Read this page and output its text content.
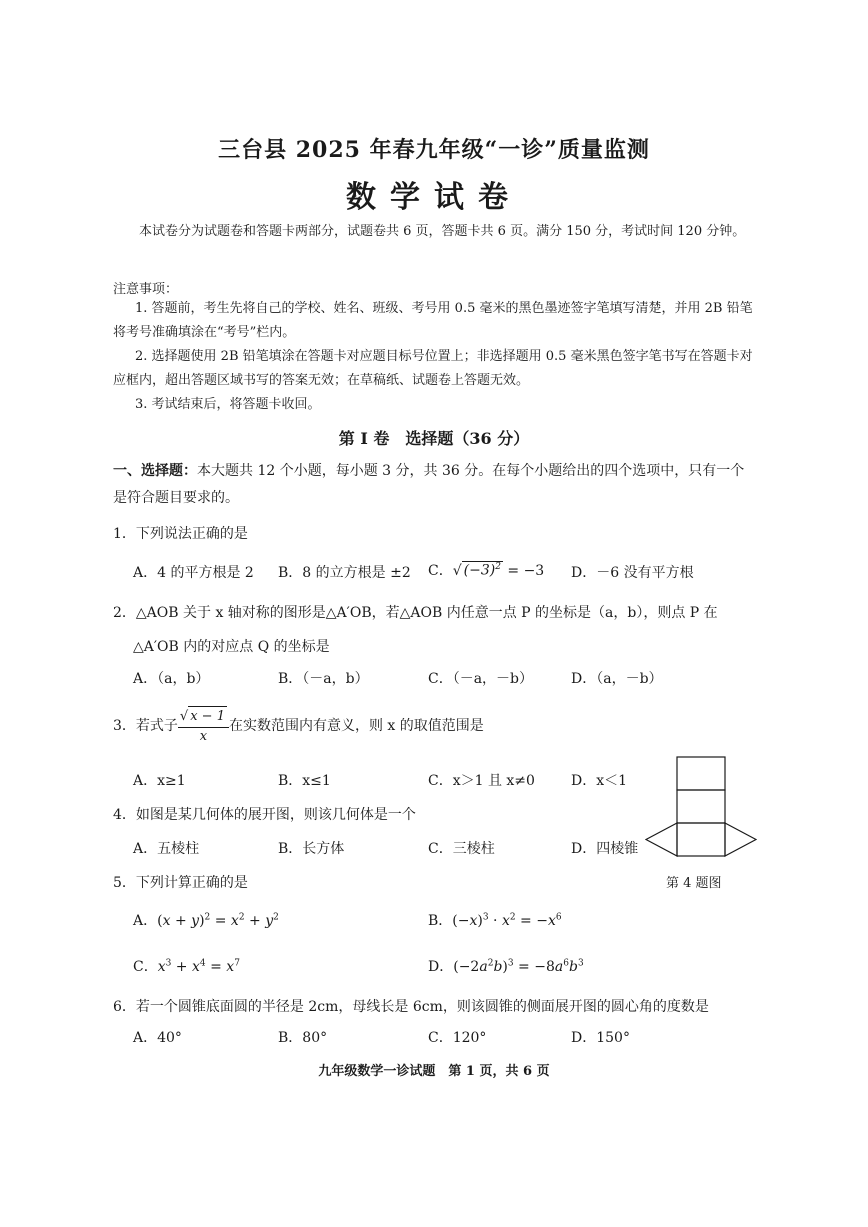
三台县 2025 年春九年级“一诊”质量监测
数学试卷
本试卷分为试题卷和答题卡两部分，试题卷共 6 页，答题卡共 6 页。满分 150 分，考试时间 120 分钟。
注意事项：
1. 答题前，考生先将自己的学校、姓名、班级、考号用 0.5 毫米的黑色墨迹签字笔填写清楚，并用 2B 铅笔将考号准确填涂在“考号”栏内。
2. 选择题使用 2B 铅笔填涂在答题卡对应题目标号位置上；非选择题用 0.5 毫米黑色签字笔书写在答题卡对应框内，超出答题区域书写的答案无效；在草稿纸、试题卷上答题无效。
3. 考试结束后，将答题卡收回。
第 I 卷　选择题（36 分）
一、选择题：本大题共 12 个小题，每小题 3 分，共 36 分。在每个小题给出的四个选项中，只有一个是符合题目要求的。
1．下列说法正确的是
A．4 的平方根是 2 B．8 的立方根是 ±2 C．√ $(-3)^2 = -3$ D．－6 没有平方根
2．△AOB 关于 x 轴对称的图形是△A′OB，若△AOB 内任意一点 P 的坐标是（a，b），则点 P 在
△A′OB 内的对应点 Q 的坐标是
A．（a，b）	B．（－a，b）	C．（－a，－b）	D．（a，－b）
3．若式子 $\frac{√ x - 1}{x}$ 在实数范围内有意义，则 x 的取值范围是
A．x≥1	B．x≤1	C．x＞1 且 x≠0	D．x＜1
4．如图是某几何体的展开图，则该几何体是一个
A．五棱柱	B．长方体	C．三棱柱	D．四棱锥
第 4 题图
5．下列计算正确的是
A．$(x + y)^2 = x^2 + y^2$	B．$(-x)^3 \cdot x^2 = -x^6$
C．$x^3 + x^4 = x^7$	D．$(-2a^2b)^3 = -8a^6b^3$
6．若一个圆锥底面圆的半径是 2cm，母线长是 6cm，则该圆锥的侧面展开图的圆心角的度数是
A．40°	B．80°	C．120°	D．150°
九年级数学一诊试题　第 1 页，共 6 页
